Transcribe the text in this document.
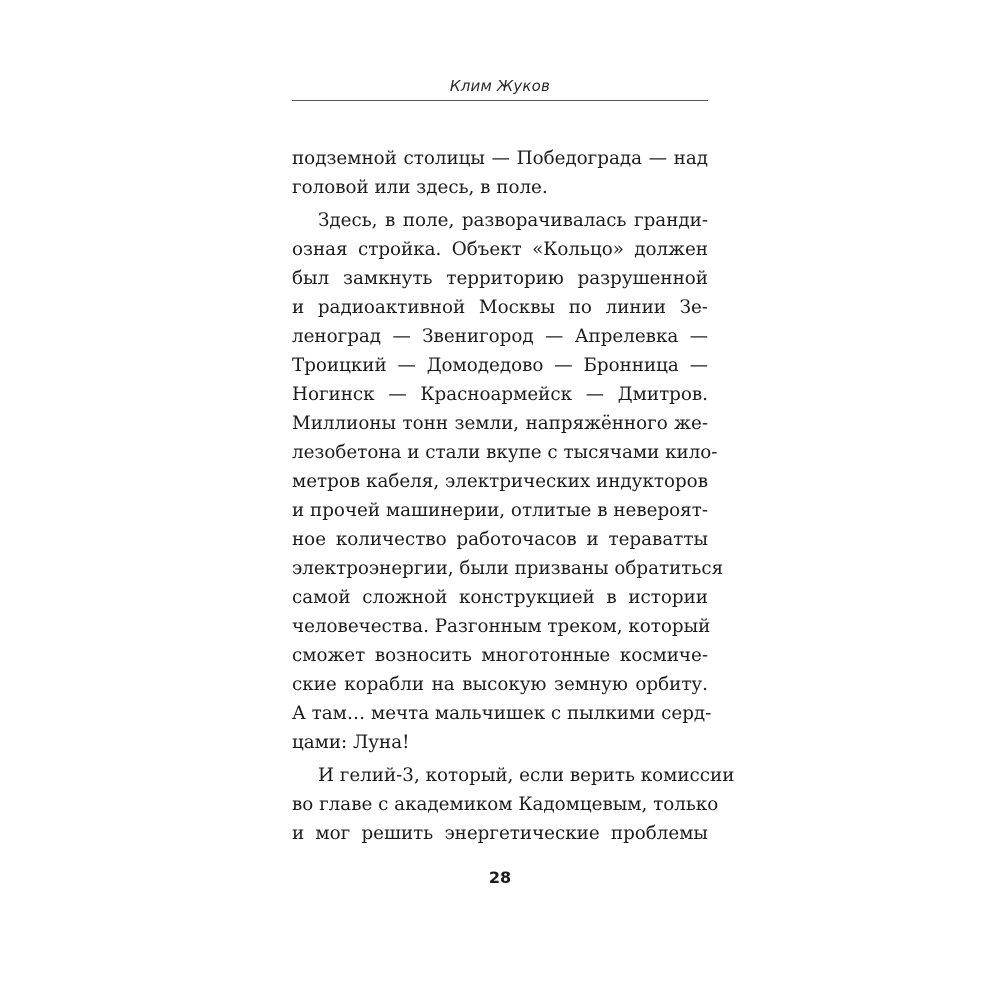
Клим Жуков
подземной столицы — Победограда — над
головой или здесь, в поле.
Здесь, в поле, разворачивалась гранди-
озная стройка. Объект «Кольцо» должен
был замкнуть территорию разрушенной
и радиоактивной Москвы по линии Зе-
леноград — Звенигород — Апрелевка —
Троицкий — Домодедово — Бронница —
Ногинск — Красноармейск — Дмитров.
Миллионы тонн земли, напряжённого же-
лезобетона и стали вкупе с тысячами кило-
метров кабеля, электрических индукторов
и прочей машинерии, отлитые в невероят-
ное количество работочасов и тераватты
электроэнергии, были призваны обратиться
самой сложной конструкцией в истории
человечества. Разгонным треком, который
сможет возносить многотонные космиче-
ские корабли на высокую земную орбиту.
А там… мечта мальчишек с пылкими серд-
цами: Луна!
И гелий-3, который, если верить комиссии
во главе с академиком Кадомцевым, только
и мог решить энергетические проблемы
28
